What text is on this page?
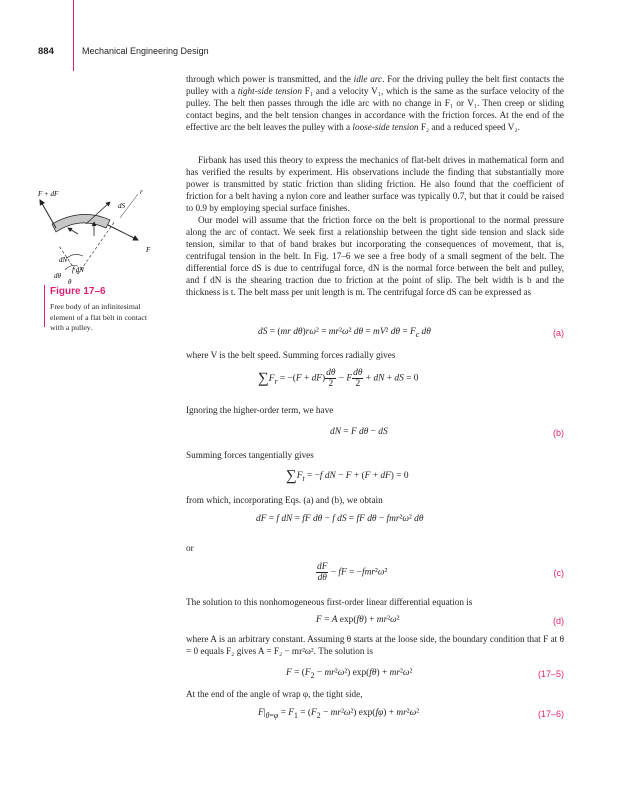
884	Mechanical Engineering Design
F + dF
dS
r
dN
f dN
F
dθ
θ
Figure 17–6
Free body of an infinitesimal element of a flat belt in contact with a pulley.

through which power is transmitted, and the idle arc. For the driving pulley the belt first contacts the pulley with a tight-side tension F₁ and a velocity V₁, which is the same as the surface velocity of the pulley. The belt then passes through the idle arc with no change in F₁ or V₁. Then creep or sliding contact begins, and the belt tension changes in accordance with the friction forces. At the end of the effective arc the belt leaves the pulley with a loose-side tension F₂ and a reduced speed V₂.

Firbank has used this theory to express the mechanics of flat-belt drives in mathematical form and has verified the results by experiment. His observations include the finding that substantially more power is transmitted by static friction than sliding friction. He also found that the coefficient of friction for a belt having a nylon core and leather surface was typically 0.7, but that it could be raised to 0.9 by employing special surface finishes.

Our model will assume that the friction force on the belt is proportional to the normal pressure along the arc of contact. We seek first a relationship between the tight side tension and slack side tension, similar to that of band brakes but incorporating the consequences of movement, that is, centrifugal tension in the belt. In Fig. 17–6 we see a free body of a small segment of the belt. The differential force dS is due to centrifugal force, dN is the normal force between the belt and pulley, and f dN is the shearing traction due to friction at the point of slip. The belt width is b and the thickness is t. The belt mass per unit length is m. The centrifugal force dS can be expressed as

dS = (mr dθ)rω² = mr²ω² dθ = mV² $d\theta = F_c$ dθ	(a)
where V is the belt speed. Summing forces radially gives
$\sum F_r = -(F + dF) \frac{d\theta}{2} - F \frac{d\theta}{2}$ + dN + dS = 0
Ignoring the higher-order term, we have
dN = F dθ − dS	(b)
Summing forces tangentially gives
$\sum F_t = -f$ dN − F + (F + dF) = 0
from which, incorporating Eqs. (a) and (b), we obtain
dF = f dN = fF dθ − f dS = fF dθ − fmr²ω² dθ
or
$\frac{dF}{d\theta}$ − fF = −fmr²ω²	(c)
The solution to this nonhomogeneous first-order linear differential equation is
F = A exp(fθ) + mr²ω²	(d)
where A is an arbitrary constant. Assuming θ starts at the loose side, the boundary condition that F at θ = 0 equals F₂ gives A = F₂ − mr²ω². The solution is
$F = (F_2 - mr^2\omega^2) \exp(f\theta) + mr^2\omega^2$	(17–5)
At the end of the angle of wrap φ, the tight side,
$F|_{\theta=\varphi} = F_1 = (F_2 - mr^2\omega^2) \exp(f\varphi) + mr^2\omega^2$	(17–6)
